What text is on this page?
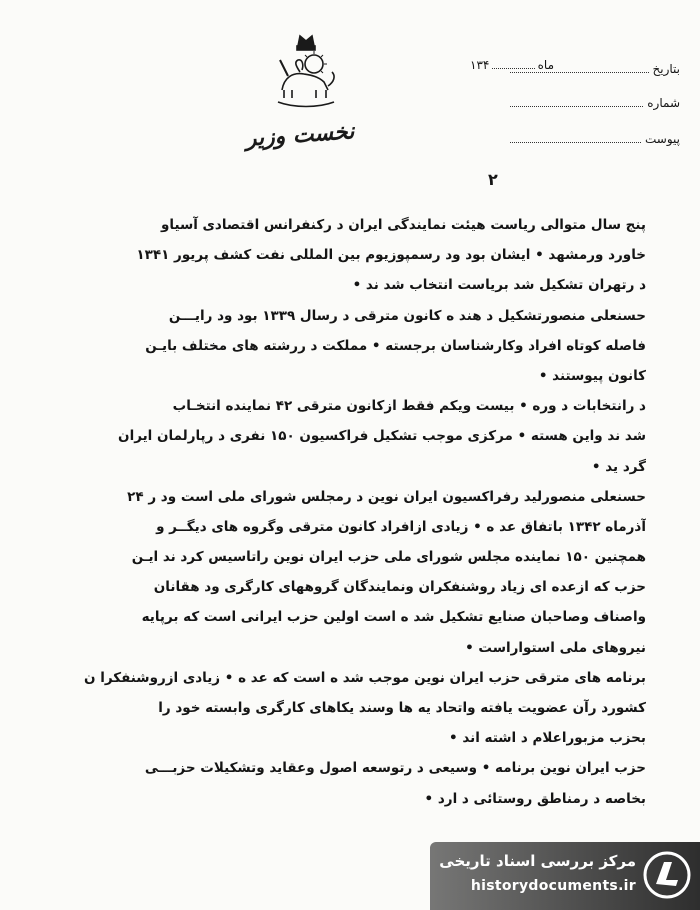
نخست وزیر
بتاریخ
ماه
۱۳۴
شماره
پیوست
۲
پنج سال متوالی ریاست هیئت نمایندگی ایران د رکنفرانس اقتصادی آسیاو
خاورد ورمشهد • ایشان بود ود رسمپوزیوم بین المللی نفت کشف پریور ۱۳۴۱
د رتهران تشکیل شد بریاست انتخاب شد ند •
حسنعلی منصورتشکیل د هند ه کانون مترقی د رسال ۱۳۳۹ بود ود رایـــن
فاصله کوتاه افراد وکارشناسان برجسته • مملکت د ررشته های مختلف بایـن
کانون پیوستند •
د رانتخابات د وره • بیست ویکم فقط ازکانون مترقی ۴۲ نماینده انتخـاب
شد ند واین هسته • مرکزی موجب تشکیل فراکسیون ۱۵۰ نفری د رپارلمان ایران
گرد ید •
حسنعلی منصورلید رفراکسیون ایران نوین د رمجلس شورای ملی است ود ر ۲۴
آذرماه ۱۳۴۲ باتفاق عد ه • زیادی ازافراد کانون مترقی وگروه های دیگــر و
همچنین ۱۵۰ نماینده مجلس شورای ملی حزب ایران نوین راتاسیس کرد ند ایـن
حزب که ازعده ای زیاد روشنفکران ونمایندگان گروههای کارگری ود هقانان
واصناف وصاحبان صنایع تشکیل شد ه است اولین حزب ایرانی است که برپایه
نیروهای ملی استواراست •
برنامه های مترقی حزب ایران نوین موجب شد ه است که عد ه • زیادی ازروشنفکرا ن
کشورد رآن عضویت یافته واتحاد یه ها وسند یکاهای کارگری وابسته خود را
بحزب مزبوراعلام د اشته اند •
حزب ایران نوین برنامه • وسیعی د رتوسعه اصول وعقاید وتشکیلات حزبـــی
بخاصه د رمناطق روستائی د ارد •
مرکز بررسی اسناد تاریخی
historydocuments.ir
